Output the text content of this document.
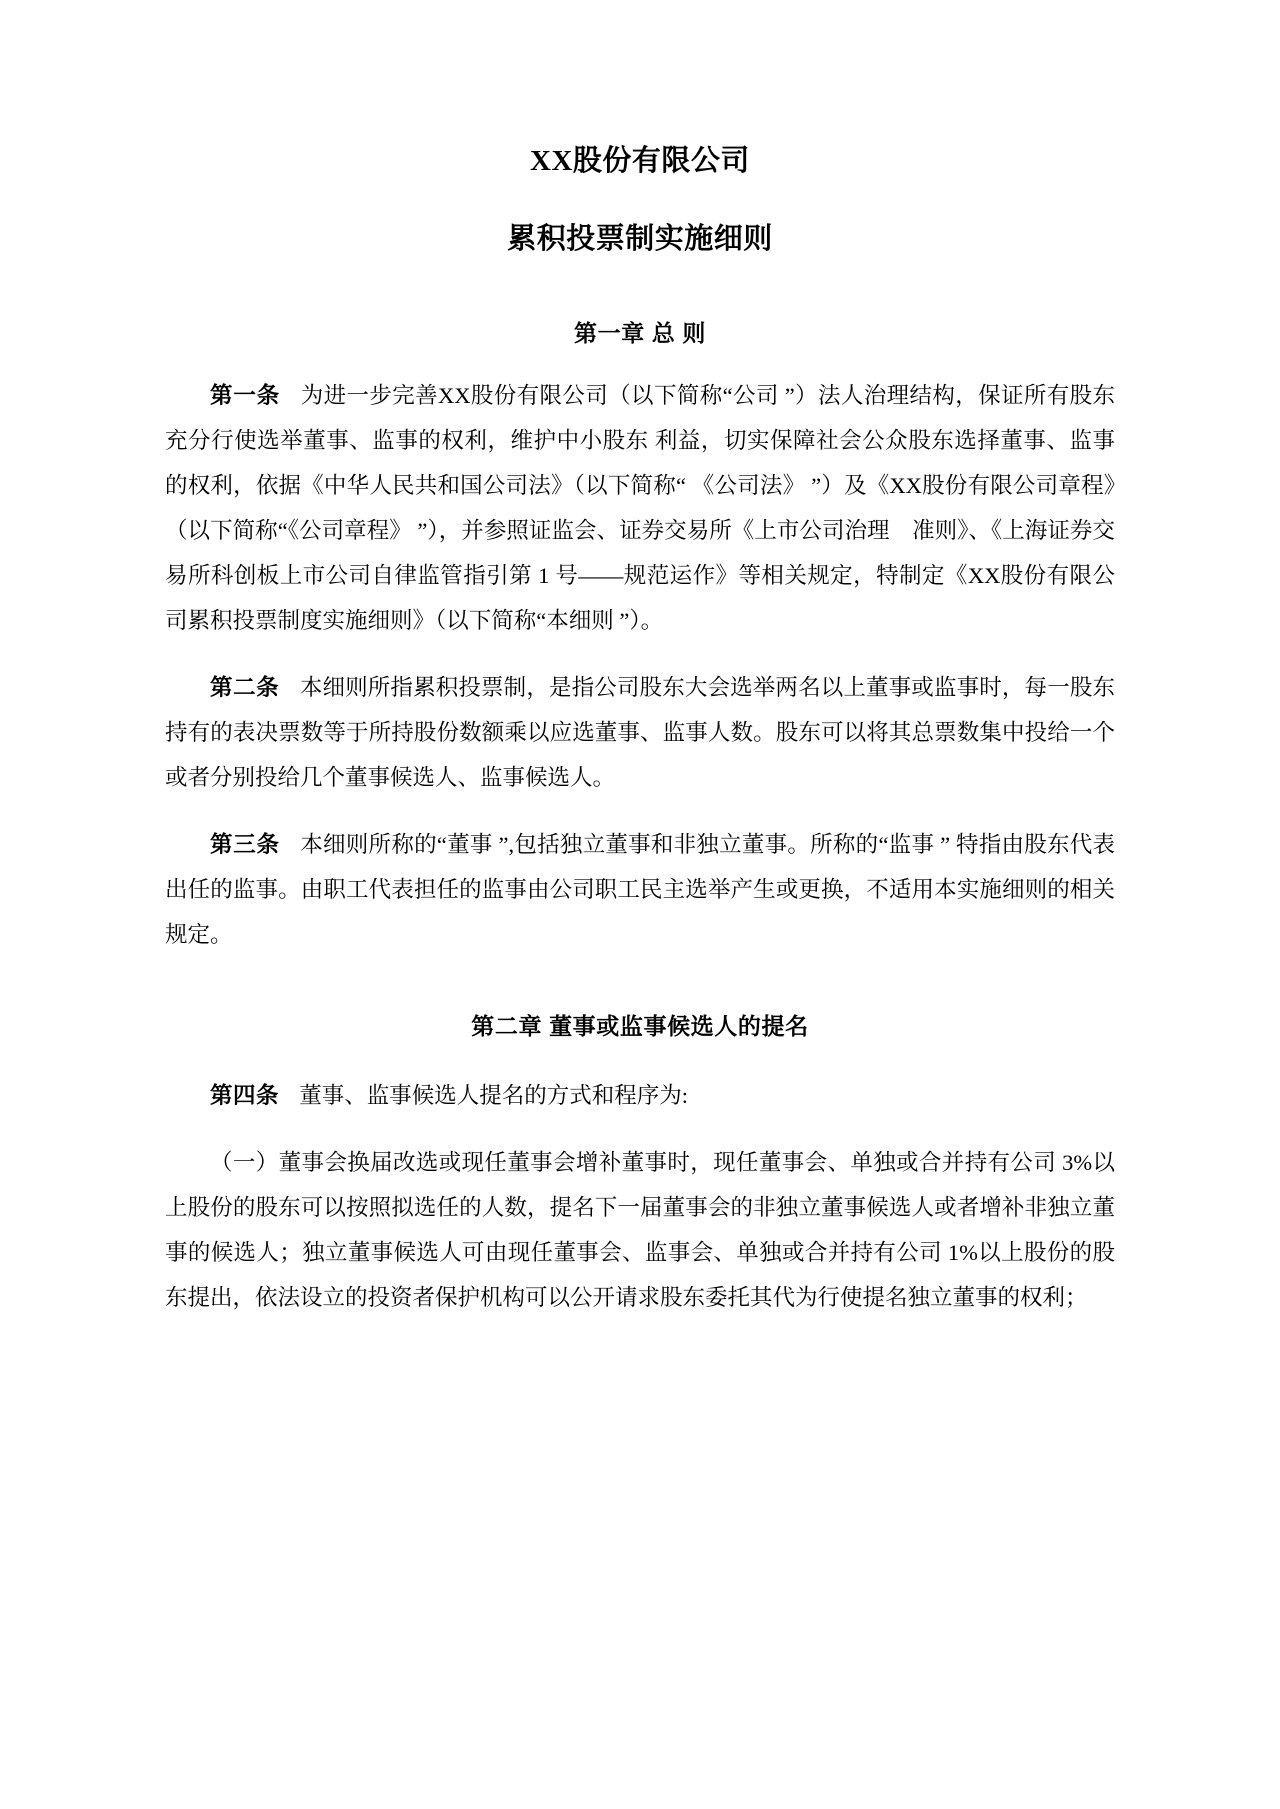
XX股份有限公司
累积投票制实施细则
第一章 总 则

第一条 为进一步完善XX股份有限公司（以下简称“公司 ”）法人治理结构，保证所有股东充分行使选举董事、监事的权利，维护中小股东 利益，切实保障社会公众股东选择董事、监事的权利，依据《中华人民共和国公司法》（以下简称“ 《公司法》 ”）及《XX股份有限公司章程》（以下简称“《公司章程》 ”），并参照证监会、证券交易所《上市公司治理　准则》、《上海证券交易所科创板上市公司自律监管指引第 1 号——规范运作》等相关规定，特制定《XX股份有限公司累积投票制度实施细则》（以下简称“本细则 ”）。

第二条 本细则所指累积投票制，是指公司股东大会选举两名以上董事或监事时，每一股东持有的表决票数等于所持股份数额乘以应选董事、监事人数。股东可以将其总票数集中投给一个或者分别投给几个董事候选人、监事候选人。

第三条 本细则所称的“董事 ”,包括独立董事和非独立董事。所称的“监事 ” 特指由股东代表出任的监事。由职工代表担任的监事由公司职工民主选举产生或更换，不适用本实施细则的相关规定。

第二章 董事或监事候选人的提名

第四条 董事、监事候选人提名的方式和程序为:

（一）董事会换届改选或现任董事会增补董事时，现任董事会、单独或合并持有公司 3%以上股份的股东可以按照拟选任的人数，提名下一届董事会的非独立董事候选人或者增补非独立董事的候选人；独立董事候选人可由现任董事会、监事会、单独或合并持有公司 1%以上股份的股东提出，依法设立的投资者保护机构可以公开请求股东委托其代为行使提名独立董事的权利；
